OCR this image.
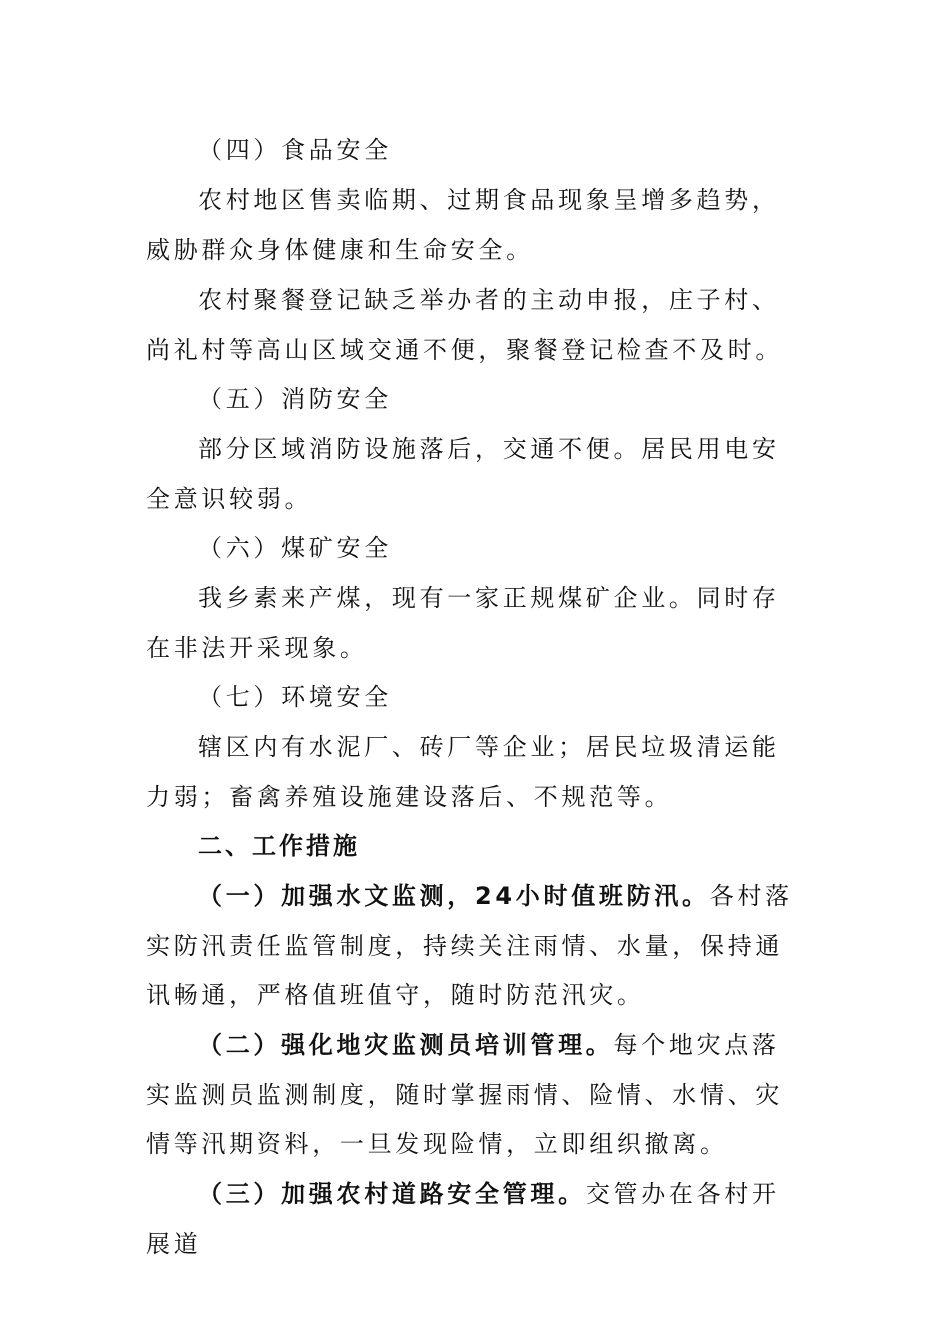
（四）食品安全

农村地区售卖临期、过期食品现象呈增多趋势，威胁群众身体健康和生命安全。

农村聚餐登记缺乏举办者的主动申报，庄子村、尚礼村等高山区域交通不便，聚餐登记检查不及时。

（五）消防安全

部分区域消防设施落后，交通不便。居民用电安全意识较弱。

（六）煤矿安全

我乡素来产煤，现有一家正规煤矿企业。同时存在非法开采现象。

（七）环境安全

辖区内有水泥厂、砖厂等企业；居民垃圾清运能力弱；畜禽养殖设施建设落后、不规范等。

二、工作措施

（一）加强水文监测，24小时值班防汛。各村落实防汛责任监管制度，持续关注雨情、水量，保持通讯畅通，严格值班值守，随时防范汛灾。

（二）强化地灾监测员培训管理。每个地灾点落实监测员监测制度，随时掌握雨情、险情、水情、灾情等汛期资料，一旦发现险情，立即组织撤离。

（三）加强农村道路安全管理。交管办在各村开展道
